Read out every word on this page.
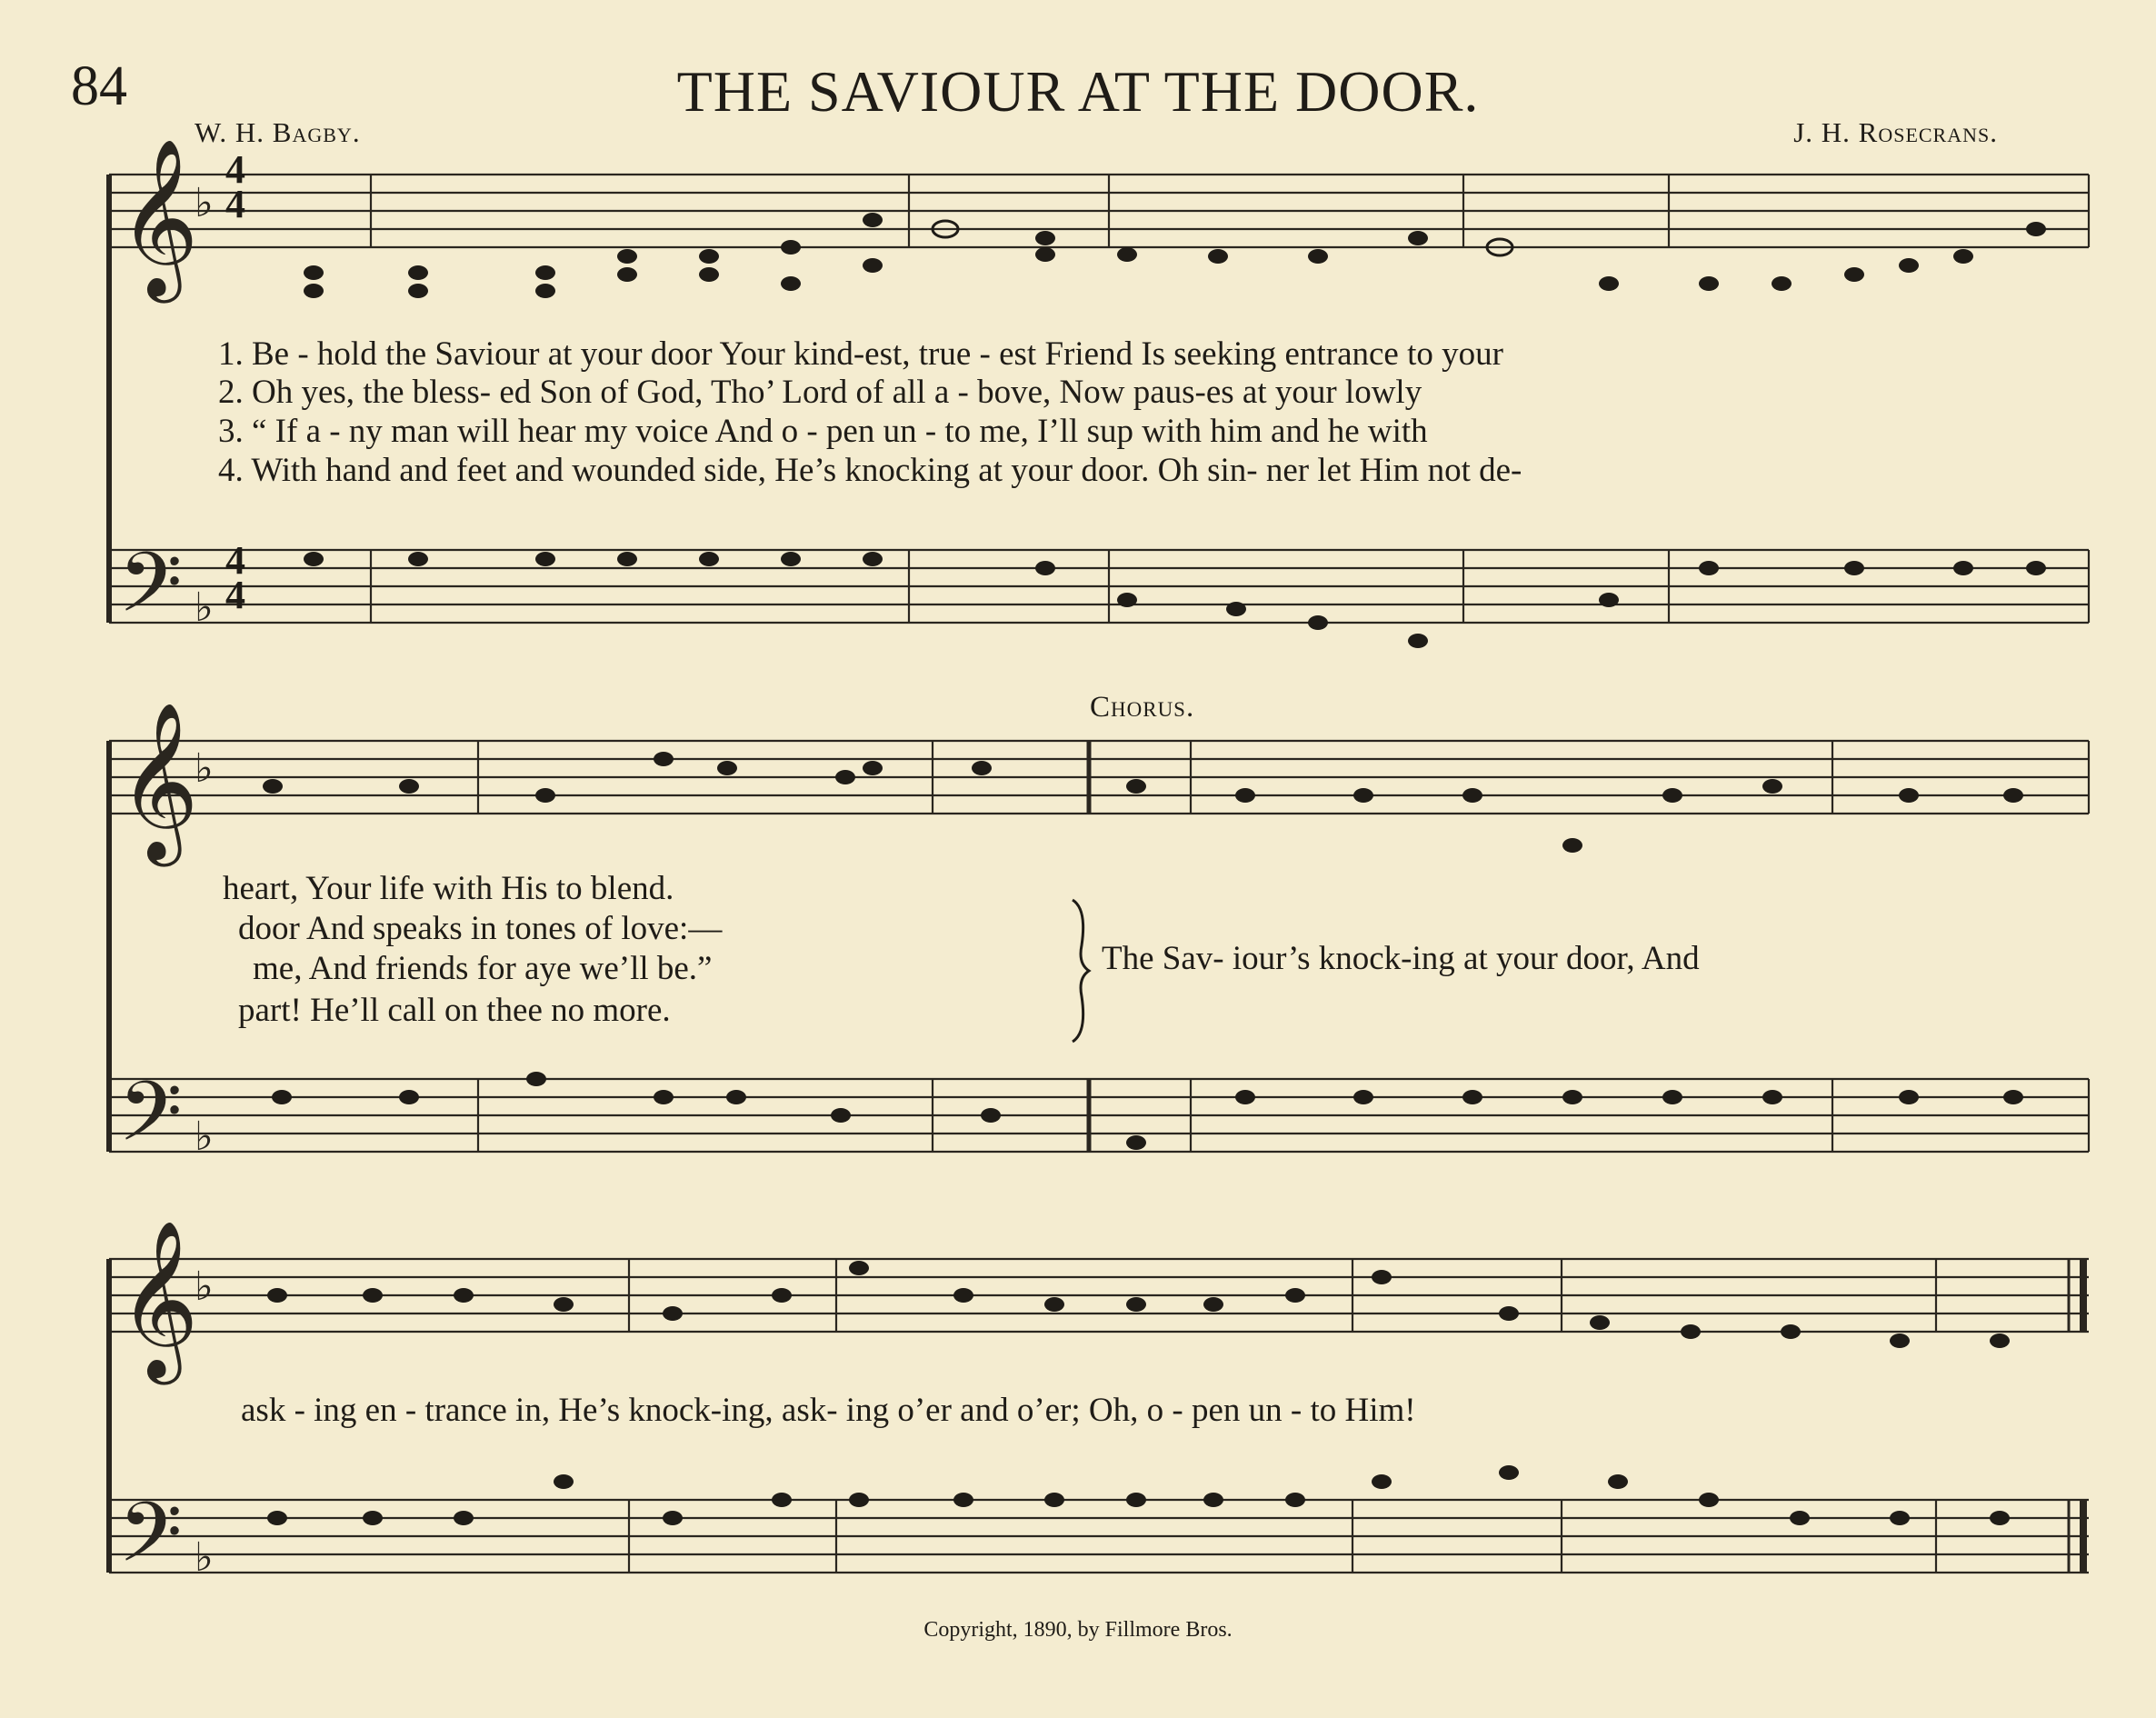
84	THE SAVIOUR AT THE DOOR.
W. H. Bagby.	J. H. Rosecrans.
𝄞
𝄞
𝄞
𝄢
𝄢
𝄢
♭
♭
♭
♭
♭
♭
4
4
4
4
1. Be - hold the Saviour at your door Your kind-est, true - est Friend Is seeking entrance to your
2. Oh yes, the bless- ed Son of God, Tho’ Lord of all a - bove, Now paus-es at your lowly
3. “ If a - ny man will hear my voice And o - pen un - to me, I’ll sup with him and he with
4. With hand and feet and wounded side, He’s knocking at your door. Oh sin- ner let Him not de-
Chorus.
heart, Your life with His to blend.
door And speaks in tones of love:—
me, And friends for aye we’ll be.”
part! He’ll call on thee no more.
The Sav- iour’s knock-ing at your door, And
ask - ing en - trance in, He’s knock-ing, ask- ing o’er and o’er; Oh, o - pen un - to Him!
Copyright, 1890, by Fillmore Bros.
